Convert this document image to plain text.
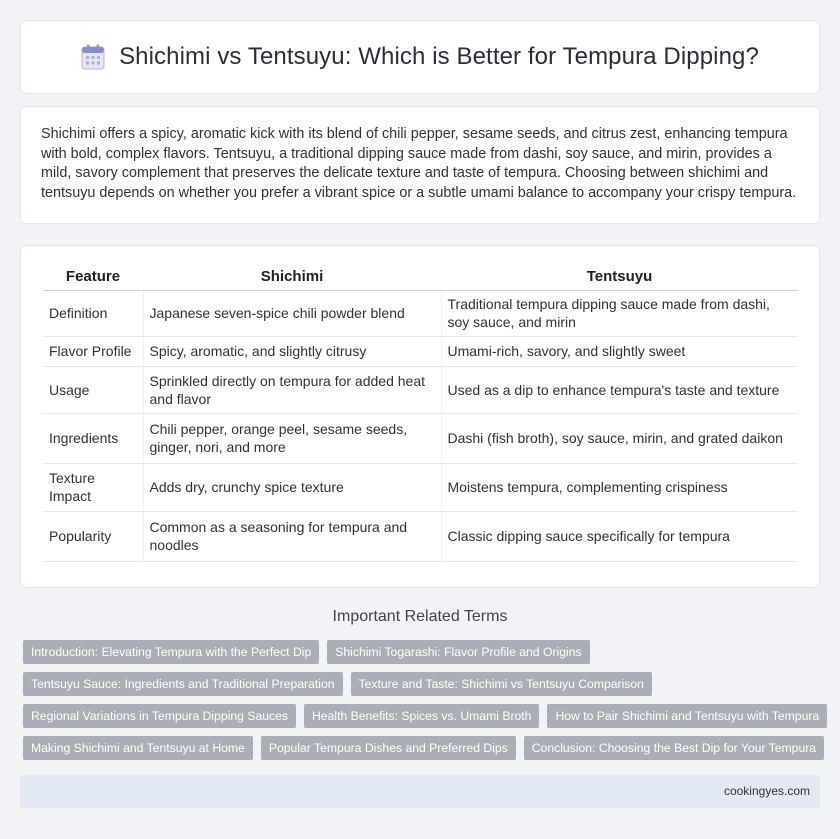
Shichimi vs Tentsuyu: Which is Better for Tempura Dipping?

Shichimi offers a spicy, aromatic kick with its blend of chili pepper, sesame seeds, and citrus zest, enhancing tempura with bold, complex flavors. Tentsuyu, a traditional dipping sauce made from dashi, soy sauce, and mirin, provides a mild, savory complement that preserves the delicate texture and taste of tempura. Choosing between shichimi and tentsuyu depends on whether you prefer a vibrant spice or a subtle umami balance to accompany your crispy tempura.

Feature	Shichimi	Tentsuyu
Definition	Japanese seven-spice chili powder blend	Traditional tempura dipping sauce made from dashi, soy sauce, and mirin
Flavor Profile	Spicy, aromatic, and slightly citrusy	Umami-rich, savory, and slightly sweet
Usage	Sprinkled directly on tempura for added heat and flavor	Used as a dip to enhance tempura's taste and texture
Ingredients	Chili pepper, orange peel, sesame seeds, ginger, nori, and more	Dashi (fish broth), soy sauce, mirin, and grated daikon
Texture Impact	Adds dry, crunchy spice texture	Moistens tempura, complementing crispiness
Popularity	Common as a seasoning for tempura and noodles	Classic dipping sauce specifically for tempura
Important Related Terms
Introduction: Elevating Tempura with the Perfect Dip	Shichimi Togarashi: Flavor Profile and Origins
Tentsuyu Sauce: Ingredients and Traditional Preparation	Texture and Taste: Shichimi vs Tentsuyu Comparison
Regional Variations in Tempura Dipping Sauces	Health Benefits: Spices vs. Umami Broth	How to Pair Shichimi and Tentsuyu with Tempura
Making Shichimi and Tentsuyu at Home	Popular Tempura Dishes and Preferred Dips	Conclusion: Choosing the Best Dip for Your Tempura
cookingyes.com
